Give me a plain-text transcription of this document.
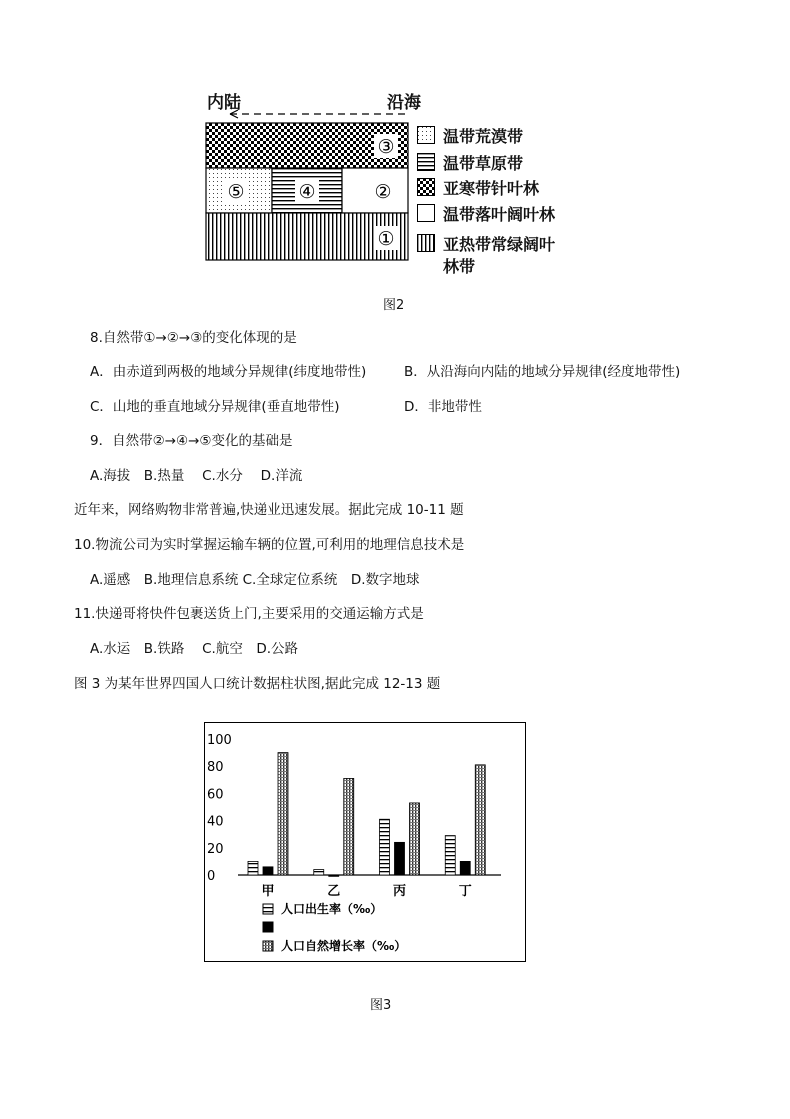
内陆	沿海
③
⑤	④	②
①
温带荒漠带
温带草原带
亚寒带针叶林
温带落叶阔叶林
亚热带常绿阔叶
林带
图2
8.自然带①→②→③的变化体现的是
A．由赤道到两极的地域分异规律(纬度地带性)	B．从沿海向内陆的地域分异规律(经度地带性)
C．山地的垂直地域分异规律(垂直地带性)	D．非地带性
9．自然带②→④→⑤变化的基础是
A.海拔　B.热量　 C.水分　 D.洋流
近年来，网络购物非常普遍,快递业迅速发展。据此完成 10-11 题
10.物流公司为实时掌握运输车辆的位置,可利用的地理信息技术是
A.遥感　B.地理信息系统 C.全球定位系统　D.数字地球
11.快递哥将快件包裹送货上门,主要采用的交通运输方式是
A.水运　B.铁路　 C.航空　D.公路
图 3 为某年世界四国人口统计数据柱状图,据此完成 12-13 题
100
80
60
40
20
0
甲	乙	丙	丁
人口出生率（‰）
人口自然增长率（‰）
图3
